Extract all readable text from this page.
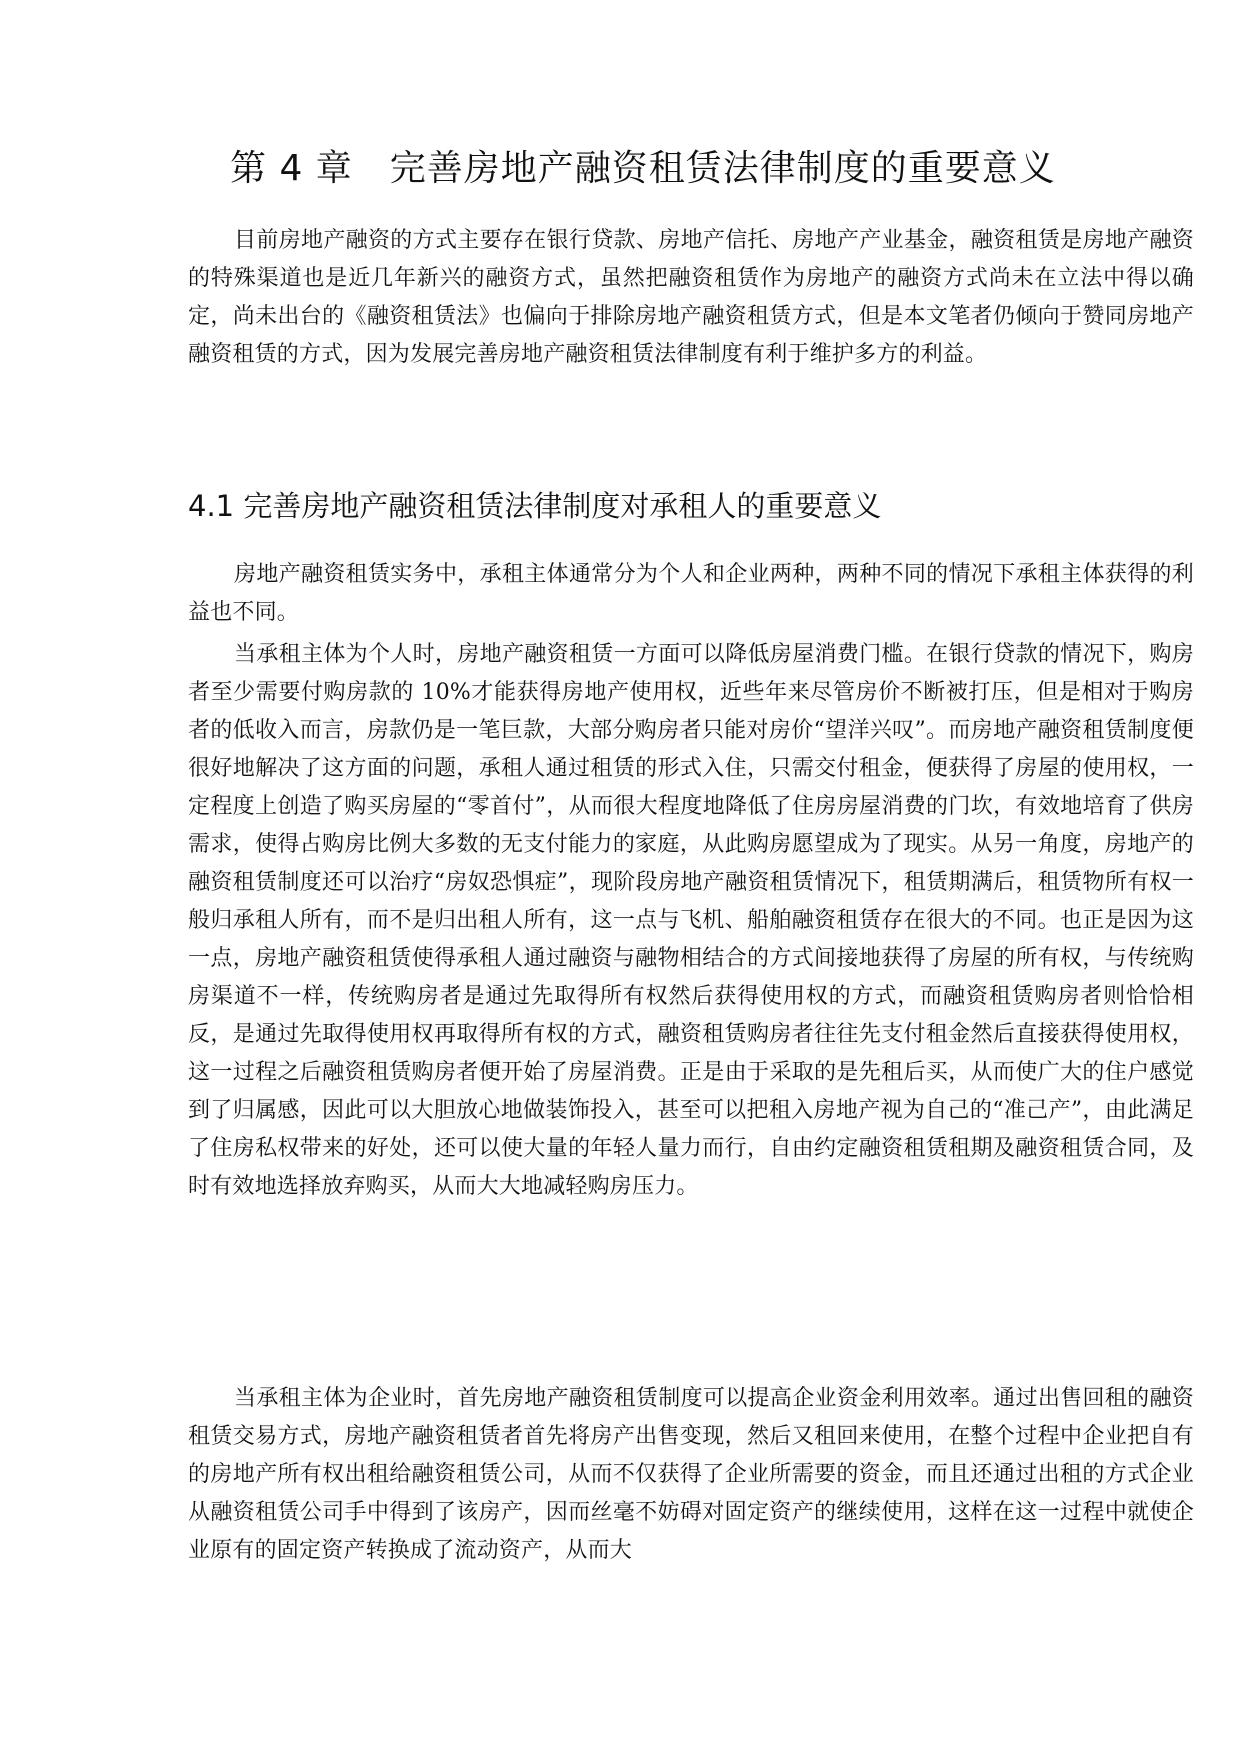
第 4 章　完善房地产融资租赁法律制度的重要意义

目前房地产融资的方式主要存在银行贷款、房地产信托、房地产产业基金，融资租赁是房地产融资的特殊渠道也是近几年新兴的融资方式，虽然把融资租赁作为房地产的融资方式尚未在立法中得以确定，尚未出台的《融资租赁法》也偏向于排除房地产融资租赁方式，但是本文笔者仍倾向于赞同房地产融资租赁的方式，因为发展完善房地产融资租赁法律制度有利于维护多方的利益。

4.1 完善房地产融资租赁法律制度对承租人的重要意义

房地产融资租赁实务中，承租主体通常分为个人和企业两种，两种不同的情况下承租主体获得的利益也不同。

当承租主体为个人时，房地产融资租赁一方面可以降低房屋消费门槛。在银行贷款的情况下，购房者至少需要付购房款的 10%才能获得房地产使用权，近些年来尽管房价不断被打压，但是相对于购房者的低收入而言，房款仍是一笔巨款，大部分购房者只能对房价“望洋兴叹”。而房地产融资租赁制度便很好地解决了这方面的问题，承租人通过租赁的形式入住，只需交付租金，便获得了房屋的使用权，一定程度上创造了购买房屋的“零首付”，从而很大程度地降低了住房房屋消费的门坎，有效地培育了供房需求，使得占购房比例大多数的无支付能力的家庭，从此购房愿望成为了现实。从另一角度，房地产的融资租赁制度还可以治疗“房奴恐惧症”，现阶段房地产融资租赁情况下，租赁期满后，租赁物所有权一般归承租人所有，而不是归出租人所有，这一点与飞机、船舶融资租赁存在很大的不同。也正是因为这一点，房地产融资租赁使得承租人通过融资与融物相结合的方式间接地获得了房屋的所有权，与传统购房渠道不一样，传统购房者是通过先取得所有权然后获得使用权的方式，而融资租赁购房者则恰恰相反，是通过先取得使用权再取得所有权的方式，融资租赁购房者往往先支付租金然后直接获得使用权，这一过程之后融资租赁购房者便开始了房屋消费。正是由于采取的是先租后买，从而使广大的住户感觉到了归属感，因此可以大胆放心地做装饰投入，甚至可以把租入房地产视为自己的“准己产”，由此满足了住房私权带来的好处，还可以使大量的年轻人量力而行，自由约定融资租赁租期及融资租赁合同，及时有效地选择放弃购买，从而大大地减轻购房压力。

当承租主体为企业时，首先房地产融资租赁制度可以提高企业资金利用效率。通过出售回租的融资租赁交易方式，房地产融资租赁者首先将房产出售变现，然后又租回来使用，在整个过程中企业把自有的房地产所有权出租给融资租赁公司，从而不仅获得了企业所需要的资金，而且还通过出租的方式企业从融资租赁公司手中得到了该房产，因而丝毫不妨碍对固定资产的继续使用，这样在这一过程中就使企业原有的固定资产转换成了流动资产，从而大
